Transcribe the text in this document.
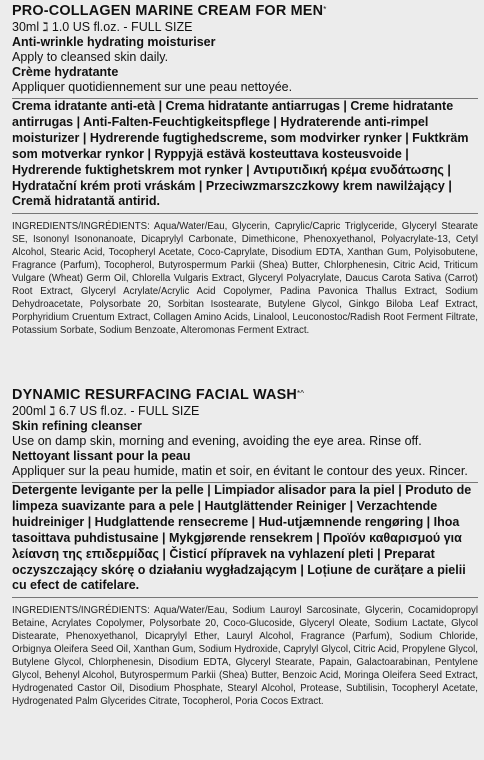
PRO-COLLAGEN MARINE CREAM FOR MEN*

30ml ℷ 1.0 US fl.oz. - FULL SIZE

Anti-wrinkle hydrating moisturiser

Apply to cleansed skin daily.

Crème hydratante

Appliquer quotidiennement sur une peau nettoyée.

Crema idratante anti-età | Crema hidratante antiarrugas | Creme hidratante antirrugas | Anti-Falten-Feuchtigkeitspflege | Hydraterende anti-rimpel moisturizer | Hydrerende fugtighedscreme, som modvirker rynker | Fuktkräm som motverkar rynkor | Ryppyjä estävä kosteuttava kosteusvoide | Hydrerende fuktighetskrem mot rynker | Αντιρυτιδική κρέμα ενυδάτωσης | Hydratační krém proti vráskám | Przeciwzmarszczkowy krem nawilżający | Cremă hidratantă antirid.

INGREDIENTS/INGRÉDIENTS: Aqua/Water/Eau, Glycerin, Caprylic/Capric Triglyceride, Glyceryl Stearate SE, Isononyl Isononanoate, Dicaprylyl Carbonate, Dimethicone, Phenoxyethanol, Polyacrylate-13, Cetyl Alcohol, Stearic Acid, Tocopheryl Acetate, Coco-Caprylate, Disodium EDTA, Xanthan Gum, Polyisobutene, Fragrance (Parfum), Tocopherol, Butyrospermum Parkii (Shea) Butter, Chlorphenesin, Citric Acid, Triticum Vulgare (Wheat) Germ Oil, Chlorella Vulgaris Extract, Glyceryl Polyacrylate, Daucus Carota Sativa (Carrot) Root Extract, Glyceryl Acrylate/Acrylic Acid Copolymer, Padina Pavonica Thallus Extract, Sodium Dehydroacetate, Polysorbate 20, Sorbitan Isostearate, Butylene Glycol, Ginkgo Biloba Leaf Extract, Porphyridium Cruentum Extract, Collagen Amino Acids, Linalool, Leuconostoc/Radish Root Ferment Filtrate, Potassium Sorbate, Sodium Benzoate, Alteromonas Ferment Extract.

DYNAMIC RESURFACING FACIAL WASH*^

200ml ℷ 6.7 US fl.oz. - FULL SIZE

Skin refining cleanser

Use on damp skin, morning and evening, avoiding the eye area. Rinse off.

Nettoyant lissant pour la peau

Appliquer sur la peau humide, matin et soir, en évitant le contour des yeux. Rincer.

Detergente levigante per la pelle | Limpiador alisador para la piel | Produto de limpeza suavizante para a pele | Hautglättender Reiniger | Verzachtende huidreiniger | Hudglattende rensecreme | Hud-utjæmnende rengøring | Ihoa tasoittava puhdistusaine | Mykgjørende rensekrem | Προϊόν καθαρισμού για λείανση της επιδερμίδας | Čisticí přípravek na vyhlazení pleti | Preparat oczyszczający skórę o działaniu wygładzającym | Loțiune de curățare a pielii cu efect de catifelare.

INGREDIENTS/INGRÉDIENTS: Aqua/Water/Eau, Sodium Lauroyl Sarcosinate, Glycerin, Cocamidopropyl Betaine, Acrylates Copolymer, Polysorbate 20, Coco-Glucoside, Glyceryl Oleate, Sodium Lactate, Glycol Distearate, Phenoxyethanol, Dicaprylyl Ether, Lauryl Alcohol, Fragrance (Parfum), Sodium Chloride, Orbignya Oleifera Seed Oil, Xanthan Gum, Sodium Hydroxide, Caprylyl Glycol, Citric Acid, Propylene Glycol, Butylene Glycol, Chlorphenesin, Disodium EDTA, Glyceryl Stearate, Papain, Galactoarabinan, Pentylene Glycol, Behenyl Alcohol, Butyrospermum Parkii (Shea) Butter, Benzoic Acid, Moringa Oleifera Seed Extract, Hydrogenated Castor Oil, Disodium Phosphate, Stearyl Alcohol, Protease, Subtilisin, Tocopheryl Acetate, Hydrogenated Palm Glycerides Citrate, Tocopherol, Poria Cocos Extract.
